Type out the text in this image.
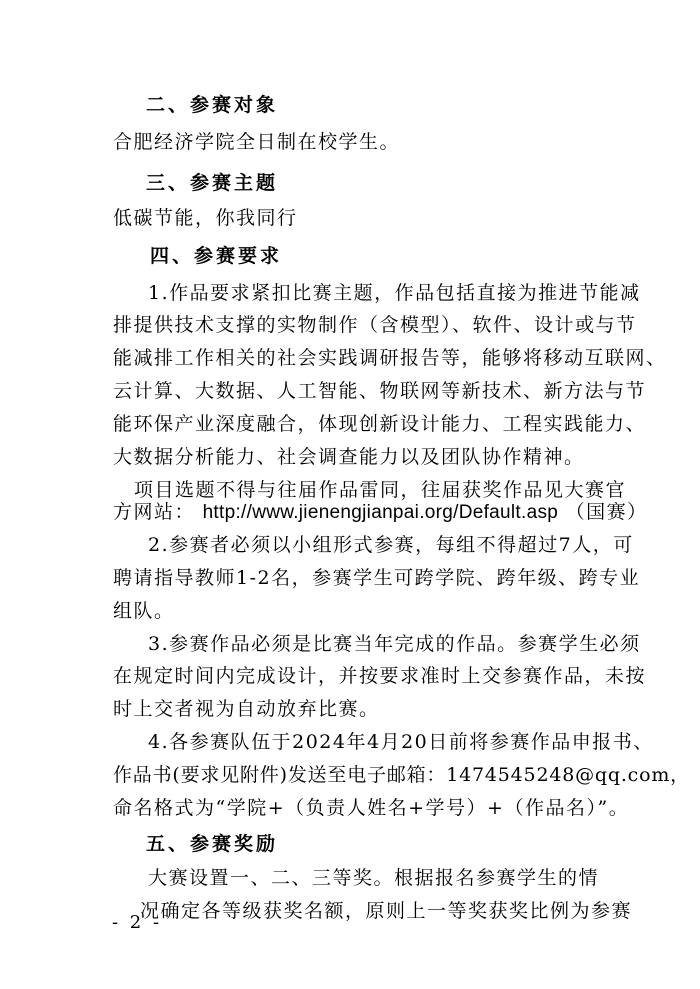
二、参赛对象
合肥经济学院全日制在校学生。
三、参赛主题
低碳节能，你我同行
四、参赛要求
1.作品要求紧扣比赛主题，作品包括直接为推进节能减
排提供技术支撑的实物制作（含模型）、软件、设计或与节
能减排工作相关的社会实践调研报告等，能够将移动互联网、
云计算、大数据、人工智能、物联网等新技术、新方法与节
能环保产业深度融合，体现创新设计能力、工程实践能力、
大数据分析能力、社会调查能力以及团队协作精神。
项目选题不得与往届作品雷同，往届获奖作品见大赛官
方网站： http://www.jienengjianpai.org/Default.asp （国赛）
2.参赛者必须以小组形式参赛，每组不得超过7人，可
聘请指导教师1-2名，参赛学生可跨学院、跨年级、跨专业
组队。
3.参赛作品必须是比赛当年完成的作品。参赛学生必须
在规定时间内完成设计，并按要求准时上交参赛作品，未按
时上交者视为自动放弃比赛。
4.各参赛队伍于2024年4月20日前将参赛作品申报书、
作品书(要求见附件)发送至电子邮箱：1474545248@qq.com，
命名格式为“学院+（负责人姓名+学号）+（作品名）”。
五、参赛奖励
大赛设置一、二、三等奖。根据报名参赛学生的情
况确定各等级获奖名额，原则上一等奖获奖比例为参赛
- 2 -
